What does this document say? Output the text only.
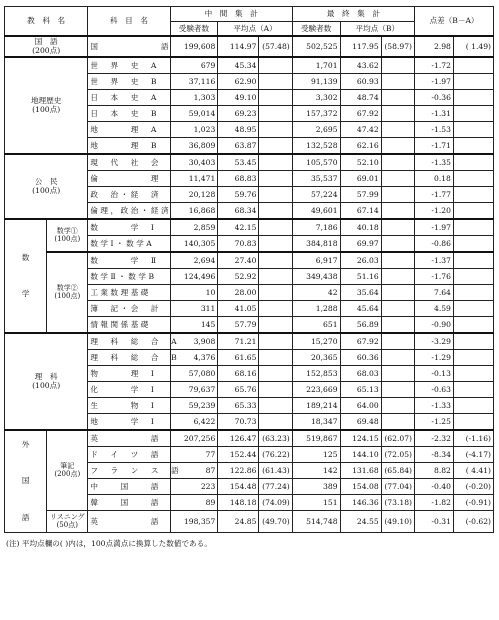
教　科　名		科　目　名	中　間　集　計			最　終　集　計			点差（B－A）	
			受験者数	平均点（A）		受験者数	平均点（B）			
国　語
(200点)		国　　　　　　語	199,608	114.97	(57.48)	502,525	117.95	(58.97)	2.98	( 1.49)
地理歴史
(100点)		世　界　史　A	679	45.34		1,701	43.62		-1.72	
		世　界　史　B	37,116	62.90		91,139	60.93		-1.97	
		日　本　史　A	1,303	49.10		3,302	48.74		-0.36	
		日　本　史　B	59,014	69.23		157,372	67.92		-1.31	
		地　　　理　A	1,023	48.95		2,695	47.42		-1.53	
		地　　　理　B	36,809	63.87		132,528	62.16		-1.71	
公　民
(100点)		現　代　社　会	30,403	53.45		105,570	52.10		-1.35	
		倫　　　　　理	11,471	68.83		35,537	69.01		0.18	
		政　治・経　済	20,128	59.76		57,224	57.99		-1.77	
		倫理，政治・経済	16,868	68.34		49,601	67.14		-1.20	

数

学	数学①
(100点)	数　　　学　Ⅰ	2,859	42.15		7,186	40.18		-1.97	
		数学Ⅰ・数学A	140,305	70.83		384,818	69.97		-0.86	
	数学②
(100点)	数　　　学　Ⅱ	2,694	27.40		6,917	26.03		-1.37	
		数学Ⅱ・数学B	124,496	52.92		349,438	51.16		-1.76	
		工業数理基礎	10	28.00		42	35.64		7.64	
		簿　記・会　計	311	41.05		1,288	45.64		4.59	
		情報関係基礎	145	57.79		651	56.89		-0.90	
理　科
(100点)		理　科　総　合　A	3,908	71.21		15,270	67.92		-3.29	
		理　科　総　合　B	4,376	61.65		20,365	60.36		-1.29	
		物　　　理　Ⅰ	57,080	68.16		152,853	68.03		-0.13	
		化　　　学　Ⅰ	79,637	65.76		223,669	65.13		-0.63	
		生　　　物　Ⅰ	59,239	65.33		189,214	64.00		-1.33	
		地　　　学　Ⅰ	6,422	70.73		18,347	69.48		-1.25	

外

国

語	筆記
(200点)	英　　　　　語	207,256	126.47	(63.23)	519,867	124.15	(62.07)	-2.32	(-1.16)
		ド　イ　ツ　語	77	152.44	(76.22)	125	144.10	(72.05)	-8.34	(-4.17)
		フ　ラ　ン　ス　語	87	122.86	(61.43)	142	131.68	(65.84)	8.82	( 4.41)
		中　　国　　語	223	154.48	(77.24)	389	154.08	(77.04)	-0.40	(-0.20)
		韓　　国　　語	89	148.18	(74.09)	151	146.36	(73.18)	-1.82	(-0.91)
	リスニング
(50点)	英　　　　　語	198,357	24.85	(49.70)	514,748	24.55	(49.10)	-0.31	(-0.62)
(注) 平均点欄の( )内は，100点満点に換算した数値である。
